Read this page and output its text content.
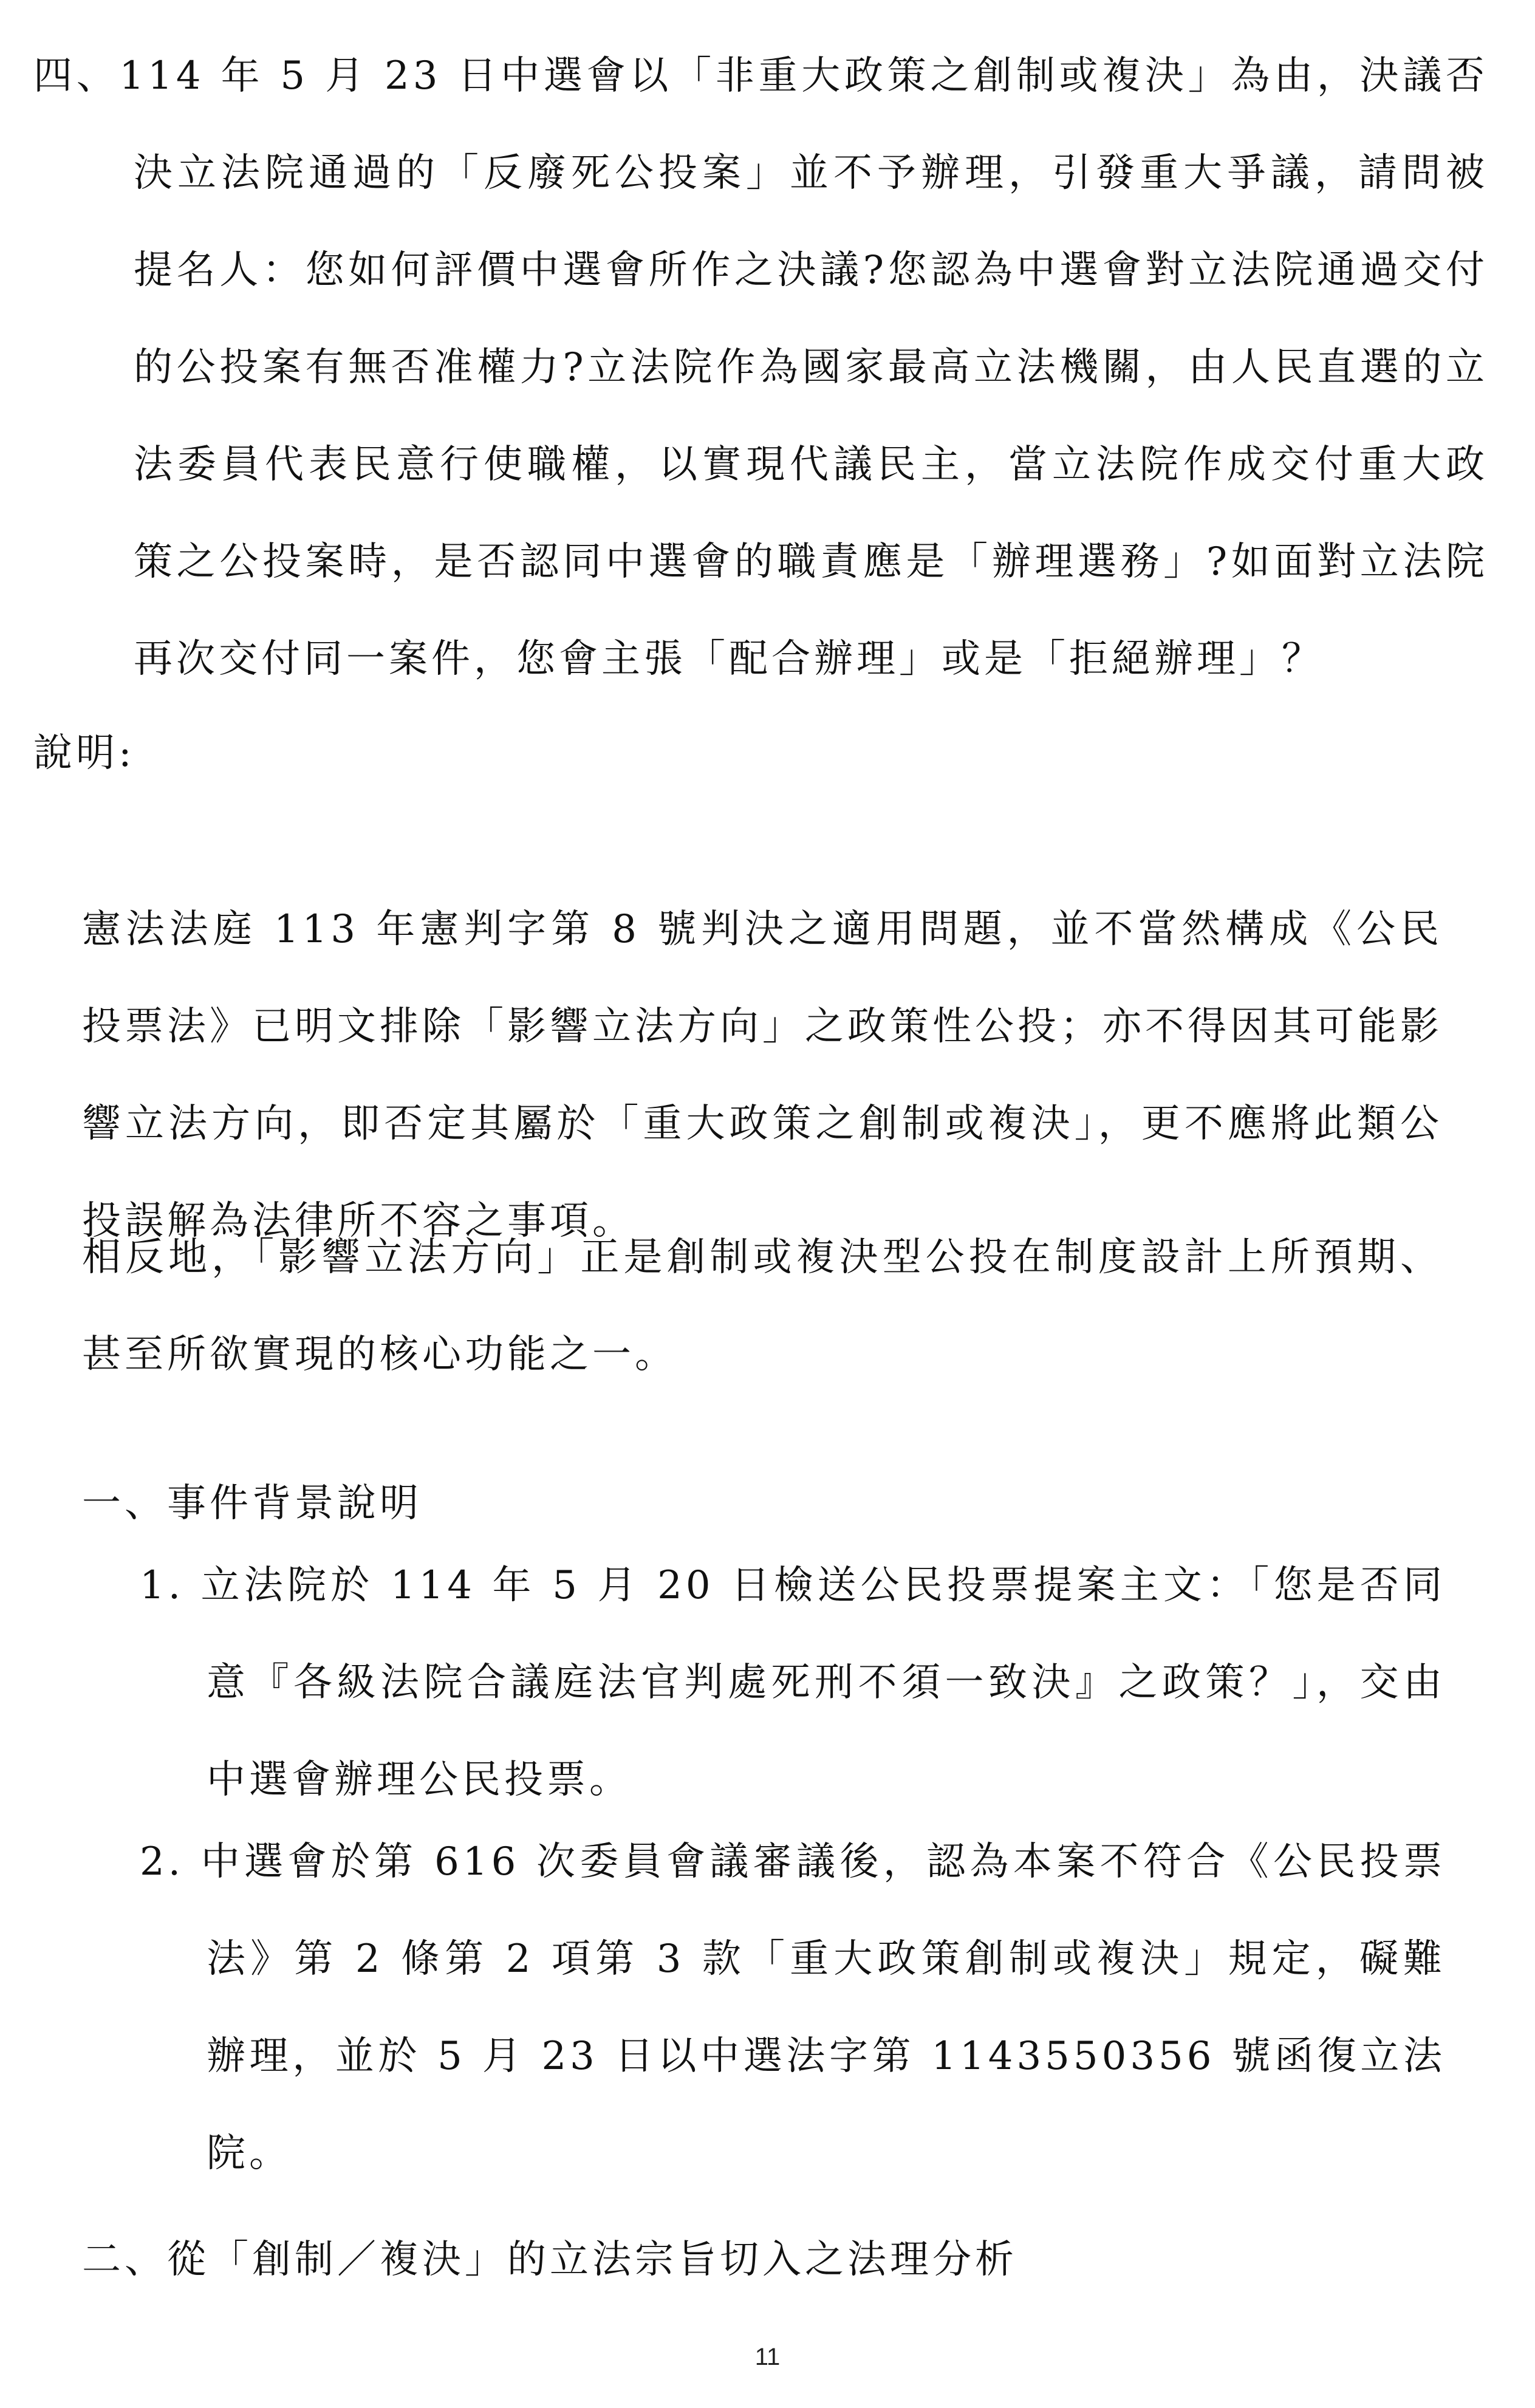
四、114 年 5 月 23 日中選會以「非重大政策之創制或複決」為由，決議否決立法院通過的「反廢死公投案」並不予辦理，引發重大爭議，請問被提名人：您如何評價中選會所作之決議?您認為中選會對立法院通過交付的公投案有無否准權力?立法院作為國家最高立法機關，由人民直選的立法委員代表民意行使職權，以實現代議民主，當立法院作成交付重大政策之公投案時，是否認同中選會的職責應是「辦理選務」?如面對立法院再次交付同一案件，您會主張「配合辦理」或是「拒絕辦理」？

說明:

憲法法庭 113 年憲判字第 8 號判決之適用問題，並不當然構成《公民投票法》已明文排除「影響立法方向」之政策性公投；亦不得因其可能影響立法方向，即否定其屬於「重大政策之創制或複決」，更不應將此類公投誤解為法律所不容之事項。

相反地，「影響立法方向」正是創制或複決型公投在制度設計上所預期、甚至所欲實現的核心功能之一。

一、事件背景說明

1. 立法院於 114 年 5 月 20 日檢送公民投票提案主文：「您是否同意『各級法院合議庭法官判處死刑不須一致決』之政策？」，交由中選會辦理公民投票。

2. 中選會於第 616 次委員會議審議後，認為本案不符合《公民投票法》第 2 條第 2 項第 3 款「重大政策創制或複決」規定，礙難辦理，並於 5 月 23 日以中選法字第 1143550356 號函復立法院。

二、從「創制／複決」的立法宗旨切入之法理分析

11
